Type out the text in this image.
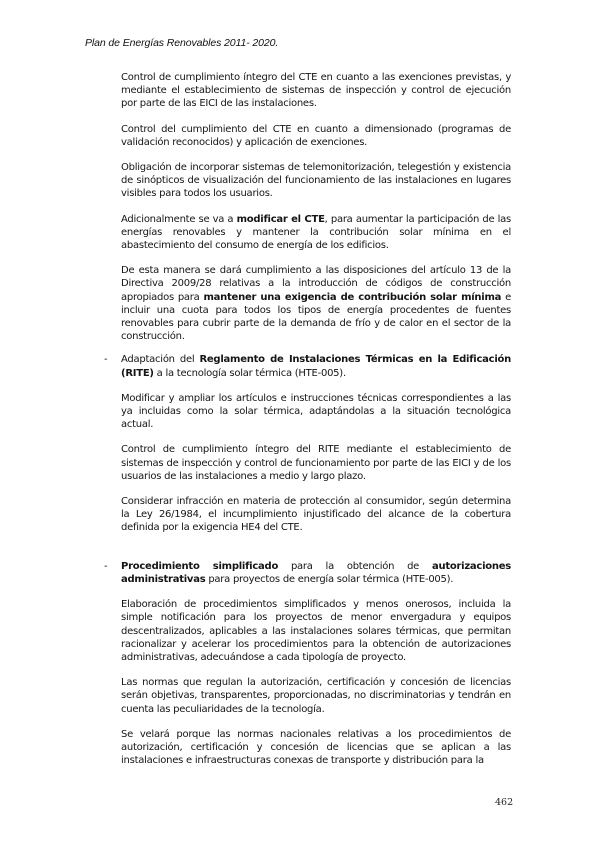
Plan de Energías Renovables 2011- 2020.

Control de cumplimiento íntegro del CTE en cuanto a las exenciones previstas, y mediante el establecimiento de sistemas de inspección y control de ejecución por parte de las EICI de las instalaciones.

Control del cumplimiento del CTE en cuanto a dimensionado (programas de validación reconocidos) y aplicación de exenciones.

Obligación de incorporar sistemas de telemonitorización, telegestión y existencia de sinópticos de visualización del funcionamiento de las instalaciones en lugares visibles para todos los usuarios.

Adicionalmente se va a modificar el CTE, para aumentar la participación de las energías renovables y mantener la contribución solar mínima en el abastecimiento del consumo de energía de los edificios.

De esta manera se dará cumplimiento a las disposiciones del artículo 13 de la Directiva 2009/28 relativas a la introducción de códigos de construcción apropiados para mantener una exigencia de contribución solar mínima e incluir una cuota para todos los tipos de energía procedentes de fuentes renovables para cubrir parte de la demanda de frío y de calor en el sector de la construcción.

- Adaptación del Reglamento de Instalaciones Térmicas en la Edificación (RITE) a la tecnología solar térmica (HTE-005).

Modificar y ampliar los artículos e instrucciones técnicas correspondientes a las ya incluidas como la solar térmica, adaptándolas a la situación tecnológica actual.

Control de cumplimiento íntegro del RITE mediante el establecimiento de sistemas de inspección y control de funcionamiento por parte de las EICI y de los usuarios de las instalaciones a medio y largo plazo.

Considerar infracción en materia de protección al consumidor, según determina la Ley 26/1984, el incumplimiento injustificado del alcance de la cobertura definida por la exigencia HE4 del CTE.

- Procedimiento simplificado para la obtención de autorizaciones administrativas para proyectos de energía solar térmica (HTE-005).

Elaboración de procedimientos simplificados y menos onerosos, incluida la simple notificación para los proyectos de menor envergadura y equipos descentralizados, aplicables a las instalaciones solares térmicas, que permitan racionalizar y acelerar los procedimientos para la obtención de autorizaciones administrativas, adecuándose a cada tipología de proyecto.

Las normas que regulan la autorización, certificación y concesión de licencias serán objetivas, transparentes, proporcionadas, no discriminatorias y tendrán en cuenta las peculiaridades de la tecnología.

Se velará porque las normas nacionales relativas a los procedimientos de autorización, certificación y concesión de licencias que se aplican a las instalaciones e infraestructuras conexas de transporte y distribución para la

462
